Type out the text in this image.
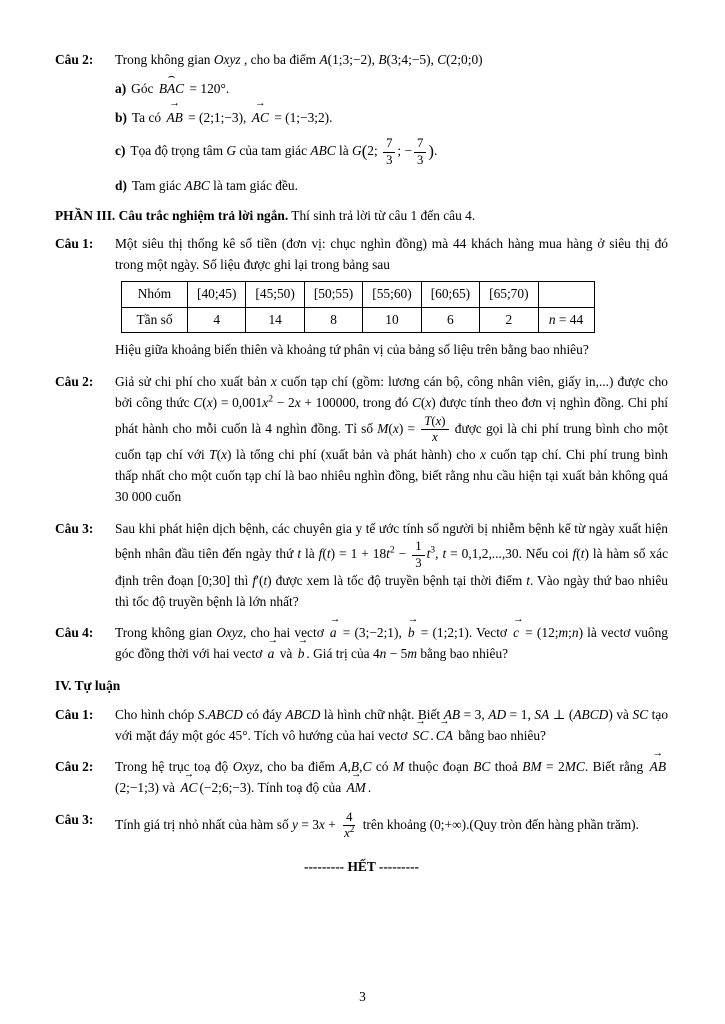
Câu 2:	Trong không gian Oxyz , cho ba điểm A(1;3;−2), B(3;4;−5), C(2;0;0)
a) Góc ⌢ BAC = 120°.
b) Ta có → AB = (2;1;−3), → AC = (1;−3;2).
c) Tọa độ trọng tâm G của tam giác ABC là G(2; $\frac{7}{3}$ ; − $\frac{7}{3}$ ).
d) Tam giác ABC là tam giác đều.
PHẦN III. Câu trắc nghiệm trả lời ngắn. Thí sinh trả lời từ câu 1 đến câu 4.
Câu 1:	Một siêu thị thống kê số tiền (đơn vị: chục nghìn đồng) mà 44 khách hàng mua hàng ở siêu thị đó trong một ngày. Số liệu được ghi lại trong bảng sau
Nhóm	[40;45)	[45;50)	[50;55)	[55;60)	[60;65)	[65;70)	
Tần số	4	14	8	10	6	2	n = 44
Hiệu giữa khoảng biến thiên và khoảng tứ phân vị của bảng số liệu trên bằng bao nhiêu?
Câu 2:	Giả sử chi phí cho xuất bản x cuốn tạp chí (gồm: lương cán bộ, công nhân viên, giấy in,...) được cho bởi công thức $C(x) = 0,001x^2 - 2x + 100000$, trong đó C(x) được tính theo đơn vị nghìn đồng. Chi phí phát hành cho mỗi cuốn là 4 nghìn đồng. Tỉ số $M(x) = \frac{T(x)}{x}$ được gọi là chi phí trung bình cho một cuốn tạp chí với T(x) là tổng chi phí (xuất bản và phát hành) cho x cuốn tạp chí. Chi phí trung bình thấp nhất cho một cuốn tạp chí là bao nhiêu nghìn đồng, biết rằng nhu cầu hiện tại xuất bản không quá 30 000 cuốn
Câu 3:	Sau khi phát hiện dịch bệnh, các chuyên gia y tế ước tính số người bị nhiễm bệnh kể từ ngày xuất hiện bệnh nhân đầu tiên đến ngày thứ t là $f(t) = 1 + 18t^2 - \frac{1}{3} t^3$, t = 0,1,2,...,30. Nếu coi f(t) là hàm số xác định trên đoạn [0;30] thì f′(t) được xem là tốc độ truyền bệnh tại thời điểm t. Vào ngày thứ bao nhiêu thì tốc độ truyền bệnh là lớn nhất?
Câu 4:	Trong không gian Oxyz, cho hai vectơ → a = (3;−2;1), → b = (1;2;1). Vectơ → c = (12;m;n) là vectơ vuông góc đồng thời với hai vectơ → a và → b . Giá trị của 4n − 5m bằng bao nhiêu?
IV. Tự luận
Câu 1:	Cho hình chóp S.ABCD có đáy ABCD là hình chữ nhật. Biết AB = 3, AD = 1, SA ⊥ (ABCD) và SC tạo với mặt đáy một góc 45°. Tích vô hướng của hai vectơ → SC . → CA bằng bao nhiêu?
Câu 2:	Trong hệ trục toạ độ Oxyz, cho ba điểm A,B,C có M thuộc đoạn BC thoả BM = 2MC. Biết rằng → AB(2;−1;3) và → AC (−2;6;−3). Tính toạ độ của → AM .
Câu 3:	Tính giá trị nhỏ nhất của hàm số $y = 3x + \frac{4}{x^2}$ trên khoảng (0;+∞).(Quy tròn đến hàng phần trăm).
--------- HẾT ---------
3
